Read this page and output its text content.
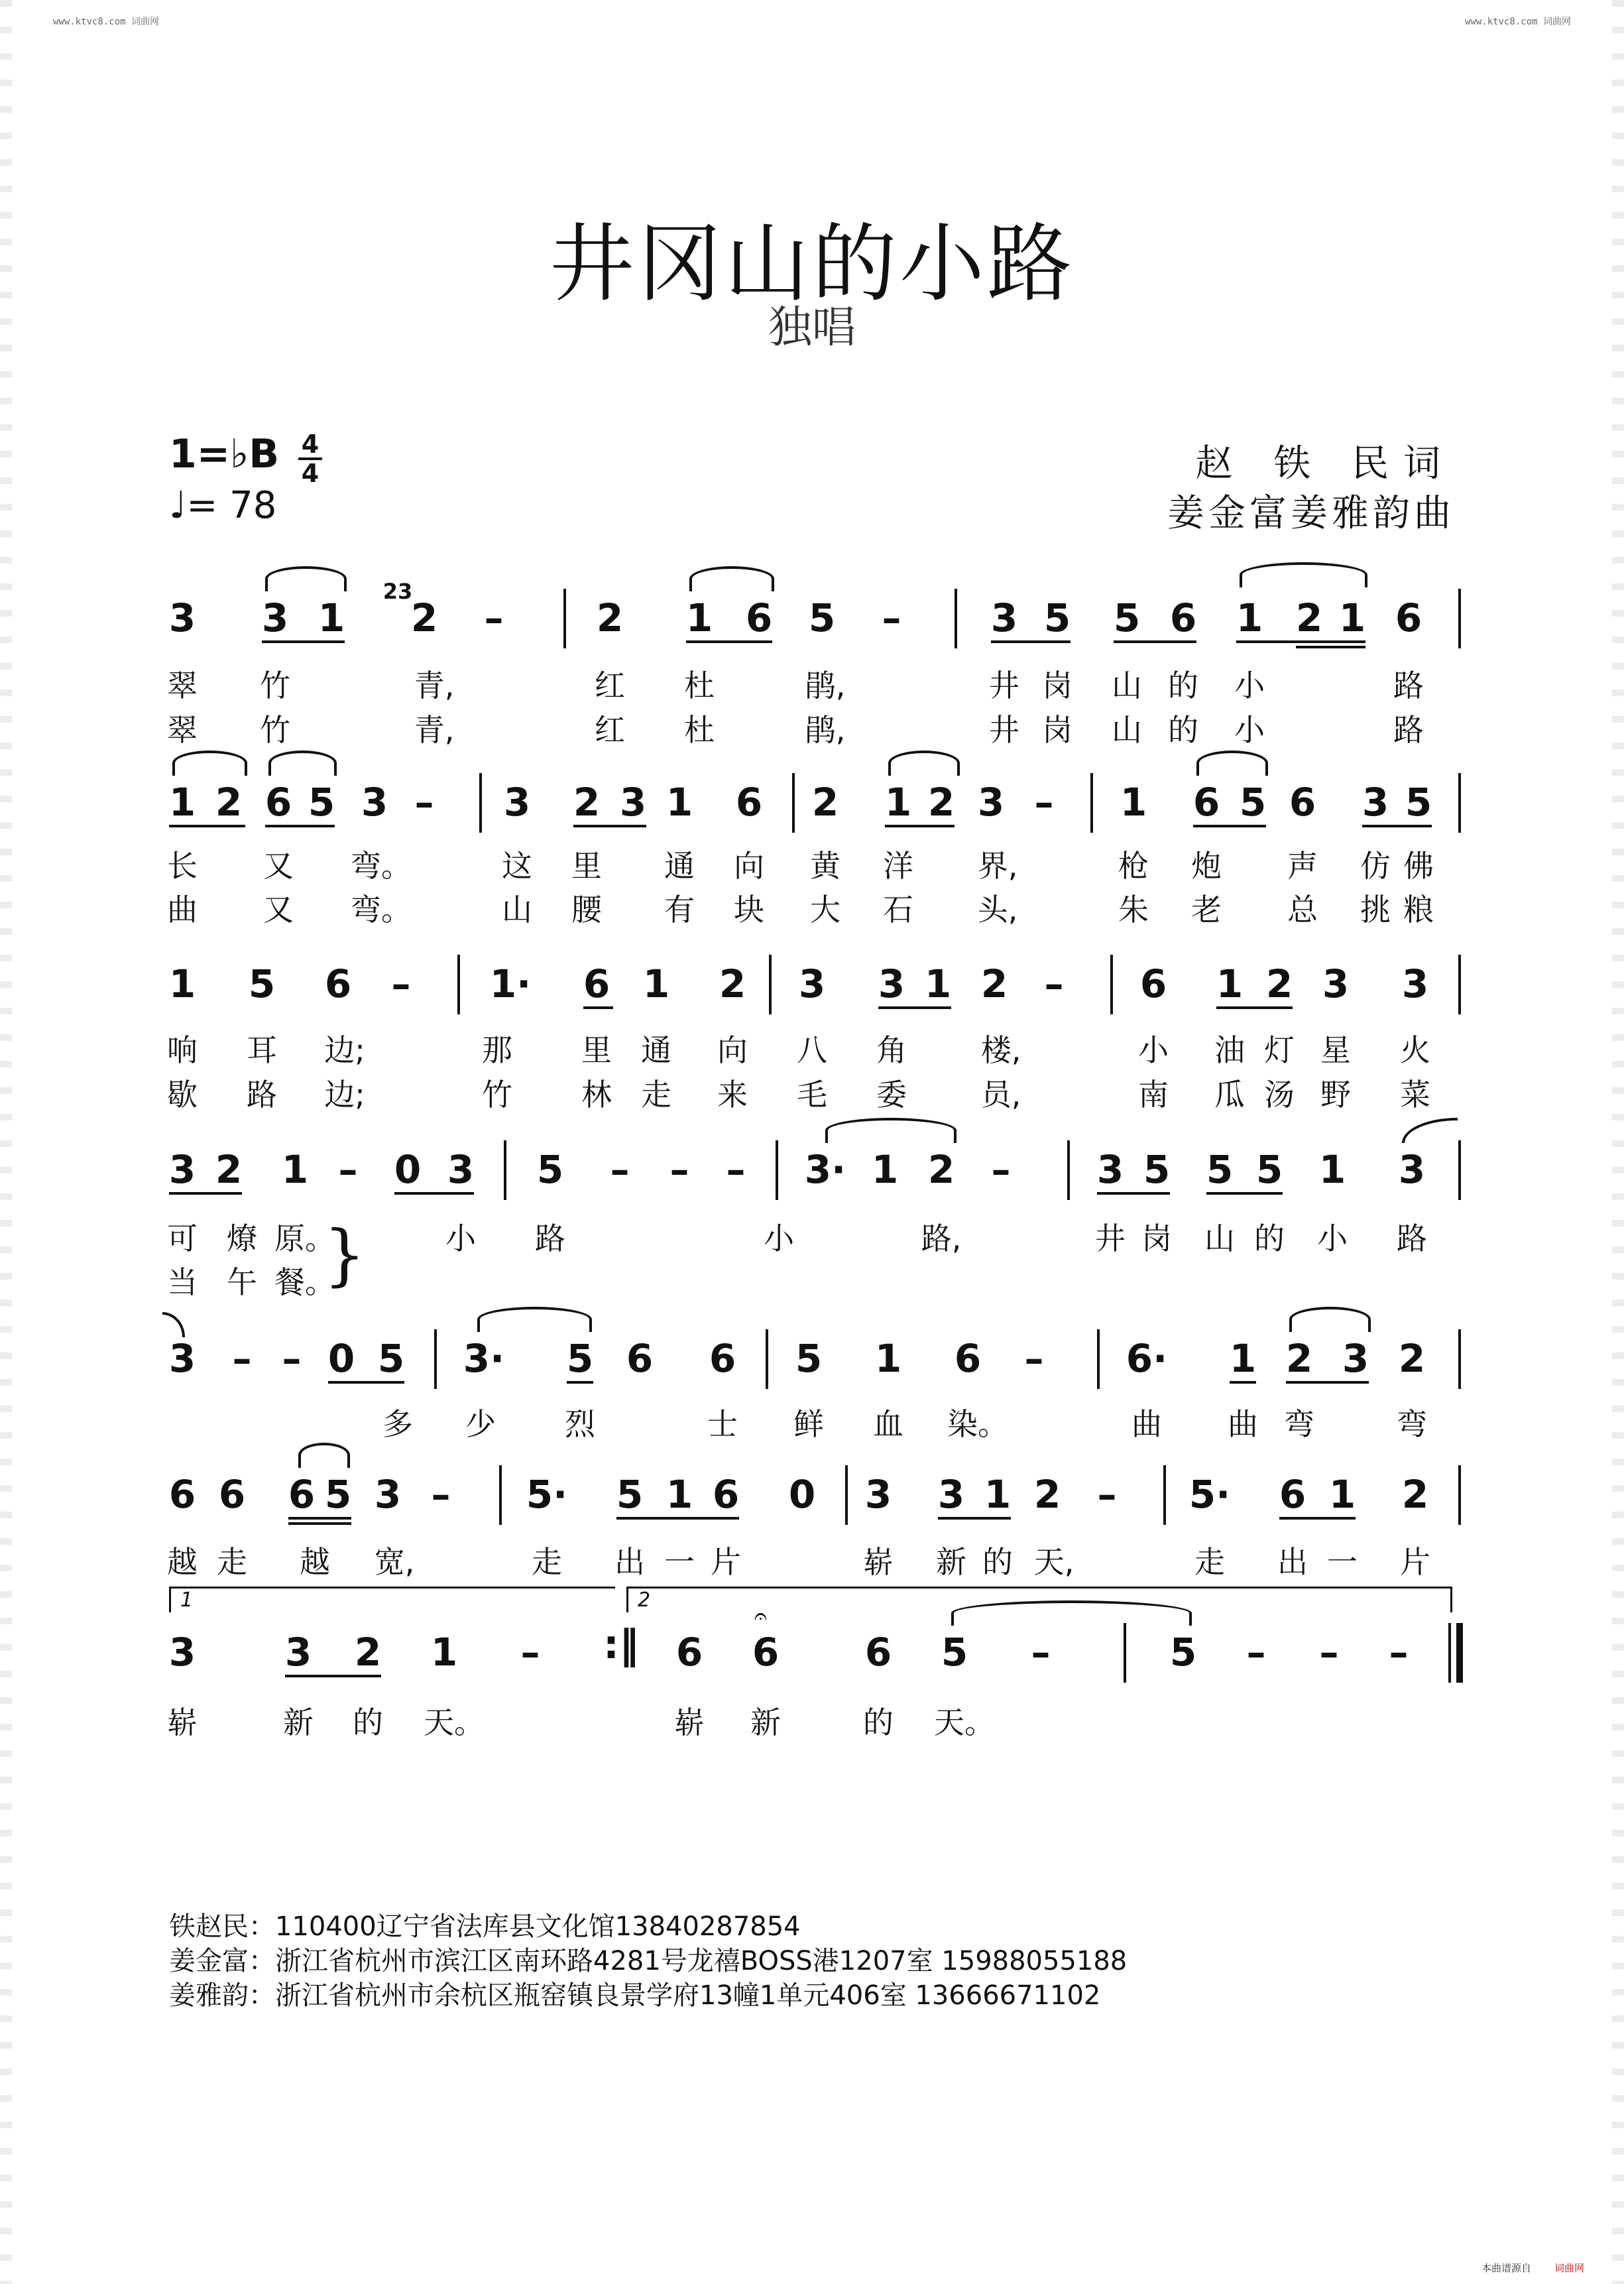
www.ktvc8.com 词曲网	www.ktvc8.com 词曲网
井冈山的小路
独唱
1=♭B 4
4
♩= 78
赵 铁 民词
姜金富姜雅韵曲
3 3 1
23
2 – 2 1 6 5 – 3 5 5 6 1 2 1 6
翠 竹	青,	红 杜	鹃,	井 岗 山 的 小	路
翠 竹	青,	红 杜	鹃,	井 岗 山 的 小	路
1 2 6 5 3 – 3 2 3 1 6 2 1 2 3 – 1 6 5 6 3 5
长 又 弯。	这 里 通 向 黄 洋 界,	枪 炮 声 仿 佛
曲 又 弯。	山 腰 有 块 大 石 头,	朱 老 总 挑 粮
1 5 6 – 1· 6 1 2 3 3 1 2 – 6 1 2 3 3
响 耳 边;	那 里 通 向 八 角 楼,	小 油 灯 星 火
歇 路 边;	竹 林 走 来 毛 委 员,	南 瓜 汤 野 菜
3 2 1 – 0 3 5 – – – 3· 1 2 – 3 5 5 5 1 3
可 燎 原。	小 路	小	路,	井 岗 山 的 小 路
当 午 餐。
}
3 – – 0 5 3· 5 6 6 5 1 6 – 6· 1 2 3 2
多 少 烈	士 鲜 血 染。	曲 曲 弯	弯
6 6 6 5 3 – 5· 5 1 6 0 3 3 1 2 – 5· 6 1 2
越 走 越 宽,	走 出 一 片	崭 新 的 天,	走 出 一 片
1	2
3 3 2 1 – :‖ 6 6
𝄐
6 5 –	5 – – –
崭	新 的 天。	崭 新	的 天。
铁赵民：110400辽宁省法库县文化馆13840287854
姜金富：浙江省杭州市滨江区南环路4281号龙禧BOSS港1207室 15988055188
姜雅韵：浙江省杭州市余杭区瓶窑镇良景学府13幢1单元406室 13666671102
本曲谱源自 词曲网
